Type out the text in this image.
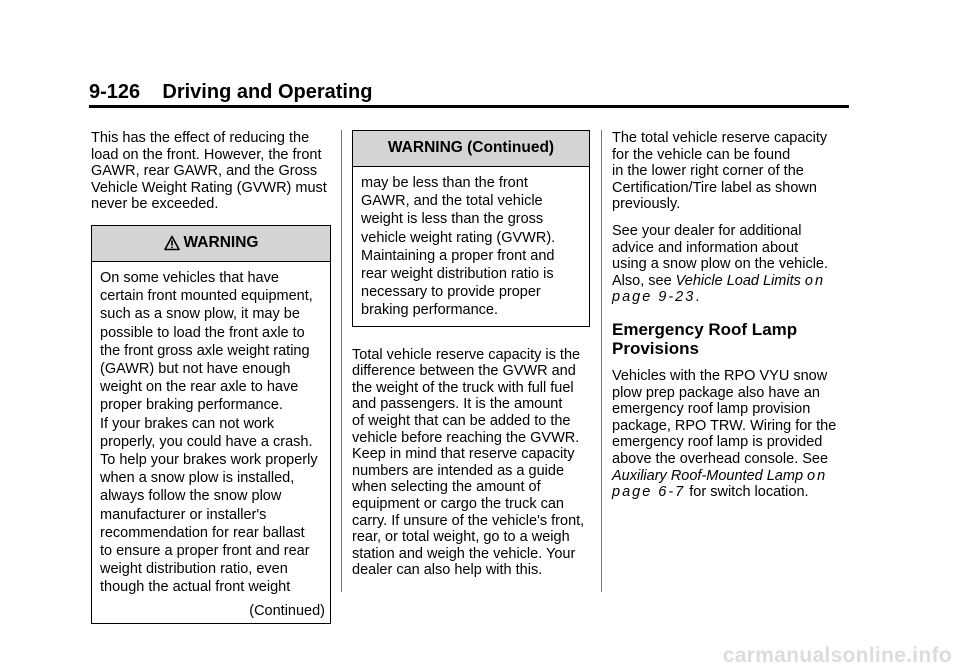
9-126 Driving and Operating

This has the effect of reducing the
load on the front. However, the front
GAWR, rear GAWR, and the Gross
Vehicle Weight Rating (GVWR) must
never be exceeded.

WARNING
On some vehicles that have
certain front mounted equipment,
such as a snow plow, it may be
possible to load the front axle to
the front gross axle weight rating
(GAWR) but not have enough
weight on the rear axle to have
proper braking performance.
If your brakes can not work
properly, you could have a crash.
To help your brakes work properly
when a snow plow is installed,
always follow the snow plow
manufacturer or installer's
recommendation for rear ballast
to ensure a proper front and rear
weight distribution ratio, even
though the actual front weight
(Continued)
WARNING (Continued)
may be less than the front
GAWR, and the total vehicle
weight is less than the gross
vehicle weight rating (GVWR).
Maintaining a proper front and
rear weight distribution ratio is
necessary to provide proper
braking performance.

Total vehicle reserve capacity is the
difference between the GVWR and
the weight of the truck with full fuel
and passengers. It is the amount
of weight that can be added to the
vehicle before reaching the GVWR.
Keep in mind that reserve capacity
numbers are intended as a guide
when selecting the amount of
equipment or cargo the truck can
carry. If unsure of the vehicle's front,
rear, or total weight, go to a weigh
station and weigh the vehicle. Your
dealer can also help with this.

The total vehicle reserve capacity
for the vehicle can be found
in the lower right corner of the
Certification/Tire label as shown
previously.

See your dealer for additional
advice and information about
using a snow plow on the vehicle.
Also, see Vehicle Load Limits on
page 9-23.

Emergency Roof Lamp
Provisions

Vehicles with the RPO VYU snow
plow prep package also have an
emergency roof lamp provision
package, RPO TRW. Wiring for the
emergency roof lamp is provided
above the overhead console. See
Auxiliary Roof-Mounted Lamp on
page 6-7 for switch location.

carmanualsonline.info
